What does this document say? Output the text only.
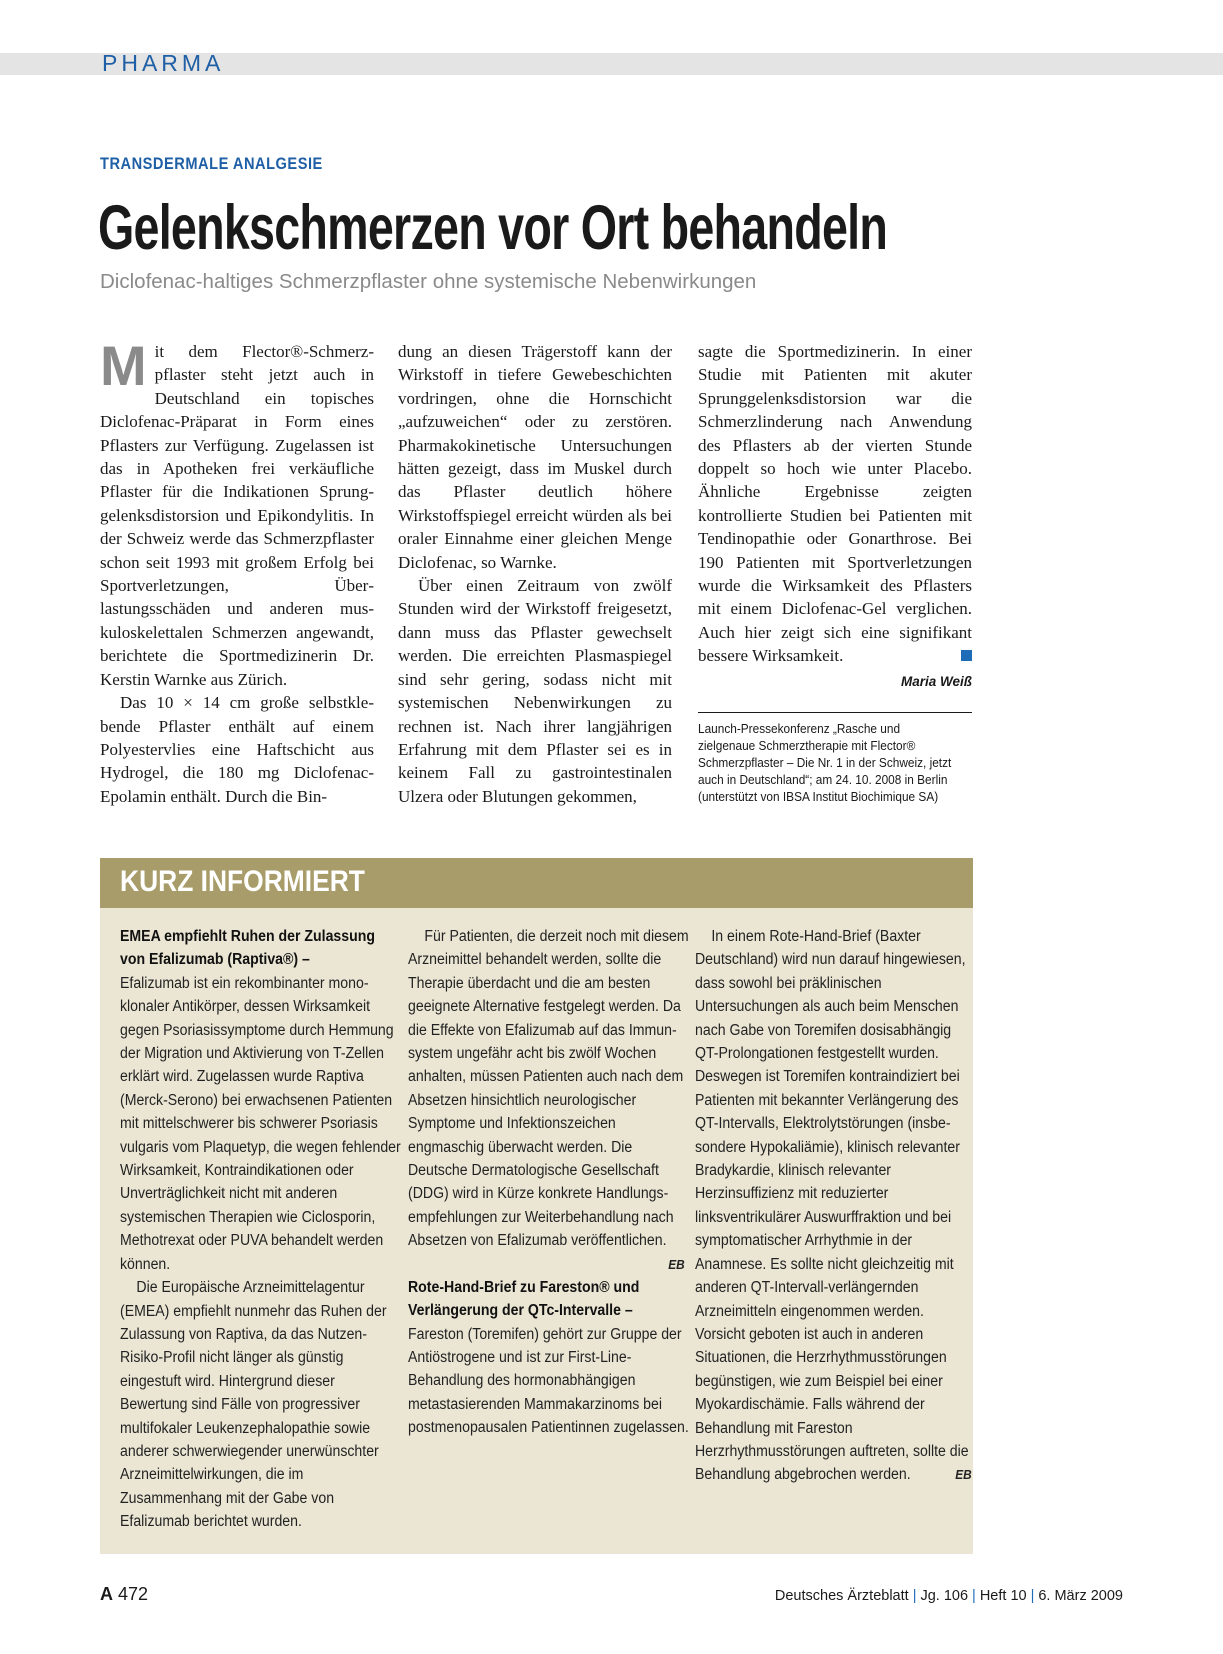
PHARMA
TRANSDERMALE ANALGESIE
Gelenkschmerzen vor Ort behandeln
Diclofenac-haltiges Schmerzpflaster ohne systemische Nebenwirkungen

Mit dem Flector®-Schmerzpflaster steht jetzt auch in Deutschland ein topisches Diclofenac-Präparat in Form eines Pflasters zur Verfügung. Zugelassen ist das in Apotheken frei verkäufliche Pflaster für die Indikationen Sprunggelenksdistorsion und Epikondylitis. In der Schweiz werde das Schmerzpflaster schon seit 1993 mit großem Erfolg bei Sportverletzungen, Überlastungsschäden und anderen muskuloskelettalen Schmerzen angewandt, berichtete die Sportmedizinerin Dr. Kerstin Warnke aus Zürich.

Das 10 × 14 cm große selbstklebende Pflaster enthält auf einem Polyestervlies eine Haftschicht aus Hydrogel, die 180 mg Diclofenac-Epolamin enthält. Durch die Bin-

dung an diesen Trägerstoff kann der Wirkstoff in tiefere Gewebeschichten vordringen, ohne die Hornschicht „aufzuweichen“ oder zu zerstören. Pharmakokinetische Untersuchungen hätten gezeigt, dass im Muskel durch das Pflaster deutlich höhere Wirkstoffspiegel erreicht würden als bei oraler Einnahme einer gleichen Menge Diclofenac, so Warnke.

Über einen Zeitraum von zwölf Stunden wird der Wirkstoff freigesetzt, dann muss das Pflaster gewechselt werden. Die erreichten Plasmaspiegel sind sehr gering, sodass nicht mit systemischen Nebenwirkungen zu rechnen ist. Nach ihrer langjährigen Erfahrung mit dem Pflaster sei es in keinem Fall zu gastrointestinalen Ulzera oder Blutungen gekommen,

sagte die Sportmedizinerin. In einer Studie mit Patienten mit akuter Sprunggelenksdistorsion war die Schmerzlinderung nach Anwendung des Pflasters ab der vierten Stunde doppelt so hoch wie unter Placebo. Ähnliche Ergebnisse zeigten kontrollierte Studien bei Patienten mit Tendinopathie oder Gonarthrose. Bei 190 Patienten mit Sportverletzungen wurde die Wirksamkeit des Pflasters mit einem Diclofenac-Gel verglichen. Auch hier zeigt sich eine signifikant bessere Wirksamkeit.

Maria Weiß
Launch-Pressekonferenz „Rasche und zielgenaue Schmerztherapie mit Flector® Schmerzpflaster – Die Nr. 1 in der Schweiz, jetzt auch in Deutschland“; am 24. 10. 2008 in Berlin (unterstützt von IBSA Institut Biochimique SA)
KURZ INFORMIERT

EMEA empfiehlt Ruhen der Zulassung von Efalizumab (Raptiva®) –

Efalizumab ist ein rekombinanter monoklonaler Antikörper, dessen Wirksamkeit gegen Psoriasissymptome durch Hemmung der Migration und Aktivierung von T-Zellen erklärt wird. Zugelassen wurde Raptiva (Merck-Serono) bei erwachsenen Patienten mit mittelschwerer bis schwerer Psoriasis vulgaris vom Plaquetyp, die wegen fehlender Wirksamkeit, Kontraindikationen oder Unverträglichkeit nicht mit anderen systemischen Therapien wie Ciclosporin, Methotrexat oder PUVA behandelt werden können.

Die Europäische Arzneimittelagentur (EMEA) empfiehlt nunmehr das Ruhen der Zulassung von Raptiva, da das Nutzen-Risiko-Profil nicht länger als günstig eingestuft wird. Hintergrund dieser Bewertung sind Fälle von progressiver multifokaler Leukenzephalopathie sowie anderer schwerwiegender unerwünschter Arzneimittelwirkungen, die im Zusammenhang mit der Gabe von Efalizumab berichtet wurden.

Für Patienten, die derzeit noch mit diesem Arzneimittel behandelt werden, sollte die Therapie überdacht und die am besten geeignete Alternative festgelegt werden. Da die Effekte von Efalizumab auf das Immunsystem ungefähr acht bis zwölf Wochen anhalten, müssen Patienten auch nach dem Absetzen hinsichtlich neurologischer Symptome und Infektionszeichen engmaschig überwacht werden. Die Deutsche Dermatologische Gesellschaft (DDG) wird in Kürze konkrete Handlungsempfehlungen zur Weiterbehandlung nach Absetzen von Efalizumab veröffentlichen.
EB

Rote-Hand-Brief zu Fareston® und Verlängerung der QTc-Intervalle –

Fareston (Toremifen) gehört zur Gruppe der Antiöstrogene und ist zur First-Line-Behandlung des hormonabhängigen metastasierenden Mammakarzinoms bei postmenopausalen Patientinnen zugelassen.

In einem Rote-Hand-Brief (Baxter Deutschland) wird nun darauf hingewiesen, dass sowohl bei präklinischen Untersuchungen als auch beim Menschen nach Gabe von Toremifen dosisabhängig QT-Prolongationen festgestellt wurden. Deswegen ist Toremifen kontraindiziert bei Patienten mit bekannter Verlängerung des QT-Intervalls, Elektrolytstörungen (insbesondere Hypokaliämie), klinisch relevanter Bradykardie, klinisch relevanter Herzinsuffizienz mit reduzierter linksventrikulärer Auswurffraktion und bei symptomatischer Arrhythmie in der Anamnese. Es sollte nicht gleichzeitig mit anderen QT-Intervall-verlängernden Arzneimitteln eingenommen werden. Vorsicht geboten ist auch in anderen Situationen, die Herzrhythmusstörungen begünstigen, wie zum Beispiel bei einer Myokardischämie. Falls während der Behandlung mit Fareston Herzrhythmusstörungen auftreten, sollte die Behandlung abgebrochen werden.	EB

A 472	Deutsches Ärzteblatt | Jg. 106 | Heft 10 | 6. März 2009
